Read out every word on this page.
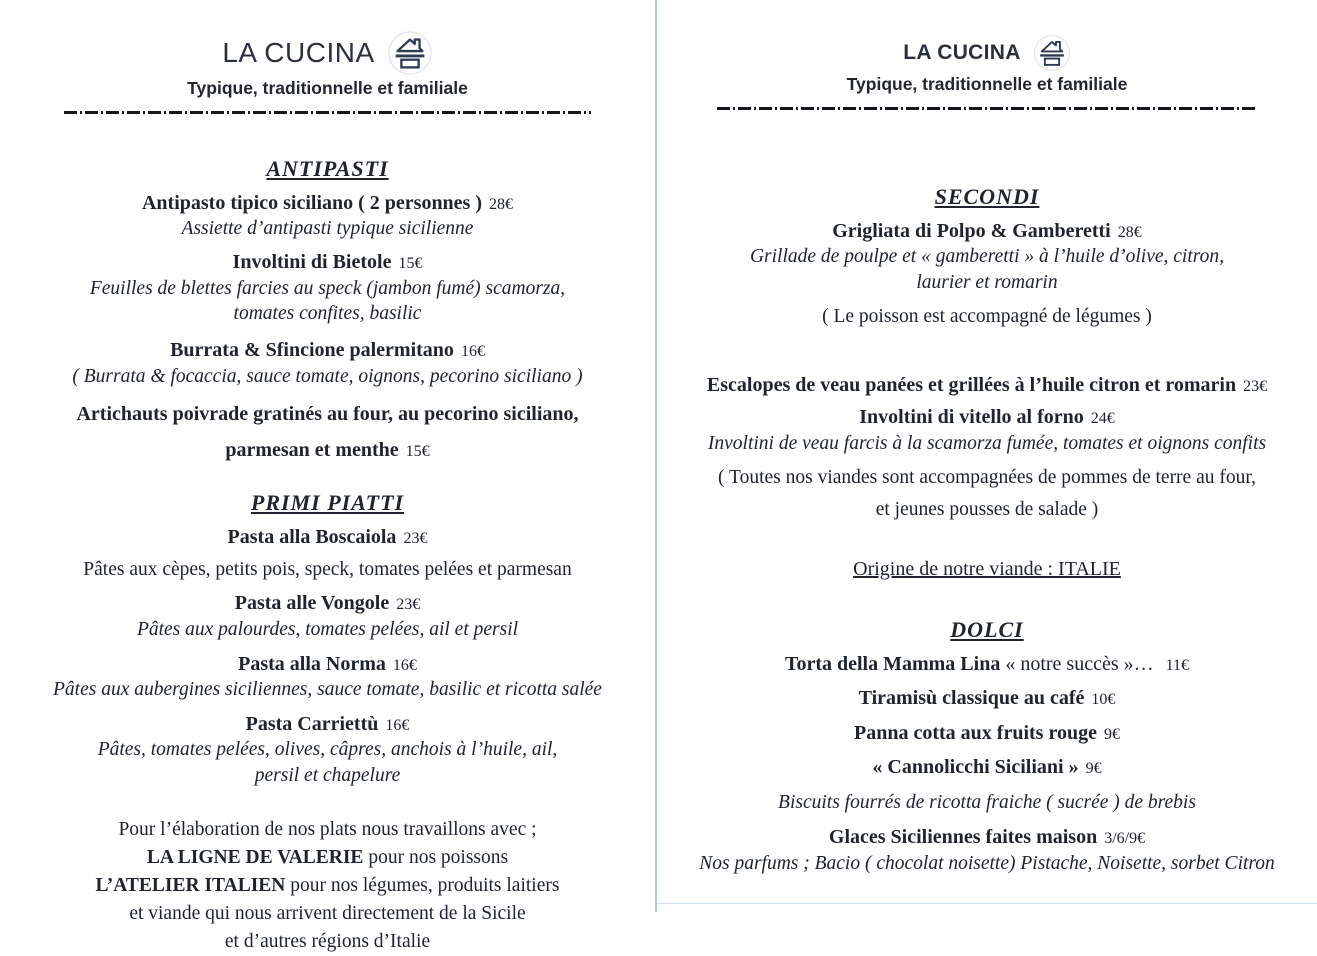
LA CUCINA

Typique, traditionnelle et familiale

ANTIPASTI

Antipasto tipico siciliano ( 2 personnes ) 28€

Assiette d’antipasti typique sicilienne

Involtini di Bietole 15€

Feuilles de blettes farcies au speck (jambon fumé) scamorza,

tomates confites, basilic

Burrata & Sfincione palermitano 16€

( Burrata & focaccia, sauce tomate, oignons, pecorino siciliano )

Artichauts poivrade gratinés au four, au pecorino siciliano,

parmesan et menthe 15€

PRIMI PIATTI

Pasta alla Boscaiola 23€

Pâtes aux cèpes, petits pois, speck, tomates pelées et parmesan

Pasta alle Vongole 23€

Pâtes aux palourdes, tomates pelées, ail et persil

Pasta alla Norma 16€

Pâtes aux aubergines siciliennes, sauce tomate, basilic et ricotta salée

Pasta Carriettù 16€

Pâtes, tomates pelées, olives, câpres, anchois à l’huile, ail,

persil et chapelure

Pour l’élaboration de nos plats nous travaillons avec ;

LA LIGNE DE VALERIE pour nos poissons

L’ATELIER ITALIEN pour nos légumes, produits laitiers

et viande qui nous arrivent directement de la Sicile

et d’autres régions d’Italie

LA CUCINA

Typique, traditionnelle et familiale

SECONDI

Grigliata di Polpo & Gamberetti 28€

Grillade de poulpe et « gamberetti » à l’huile d’olive, citron,

laurier et romarin

( Le poisson est accompagné de légumes )

Escalopes de veau panées et grillées à l’huile citron et romarin 23€

Involtini di vitello al forno 24€

Involtini de veau farcis à la scamorza fumée, tomates et oignons confits

( Toutes nos viandes sont accompagnées de pommes de terre au four,

et jeunes pousses de salade )

Origine de notre viande : ITALIE

DOLCI

Torta della Mamma Lina « notre succès »… 11€

Tiramisù classique au café 10€

Panna cotta aux fruits rouge 9€

« Cannolicchi Siciliani » 9€

Biscuits fourrés de ricotta fraiche ( sucrée ) de brebis

Glaces Siciliennes faites maison 3/6/9€

Nos parfums ; Bacio ( chocolat noisette) Pistache, Noisette, sorbet Citron
